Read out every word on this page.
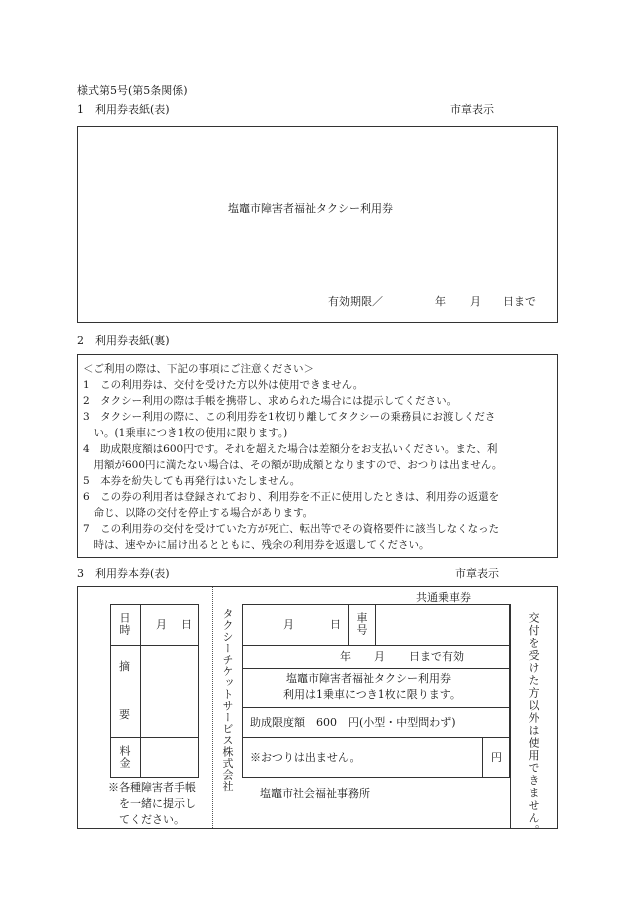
様式第5号(第5条関係)
1　利用券表紙(表)	市章表示
塩竈市障害者福祉タクシー利用券
有効期限／	年 月 日まで
2　利用券表紙(裏)
＜ご利用の際は、下記の事項にご注意ください＞
1　この利用券は、交付を受けた方以外は使用できません。
2　タクシー利用の際は手帳を携帯し、求められた場合には提示してください。
3　タクシー利用の際に、この利用券を1枚切り離してタクシーの乗務員にお渡しくださ
　い。(1乗車につき1枚の使用に限ります。)
4　助成限度額は600円です。それを超えた場合は差額分をお支払いください。また、利
　用額が600円に満たない場合は、その額が助成額となりますので、おつりは出ません。
5　本券を紛失しても再発行はいたしません。
6　この券の利用者は登録されており、利用券を不正に使用したときは、利用券の返還を
　命じ、以降の交付を停止する場合があります。
7　この利用券の交付を受けていた方が死亡、転出等でその資格要件に該当しなくなった
　時は、速やかに届け出るとともに、残余の利用券を返還してください。
3　利用券本券(表)	市章表示
日時 月 日
摘
要
料金
※各種障害者手帳
を一緒に提示し
てください。
タクシーチケットサービス株式会社
共通乗車券
月	日 車号
年 月 日まで有効
塩竈市障害者福祉タクシー利用券
利用は1乗車につき1枚に限ります。
助成限度額　600　円(小型・中型問わず)
※おつりは出ません。	円
塩竈市社会福祉事務所	交付を受けた方以外は使用できません。
